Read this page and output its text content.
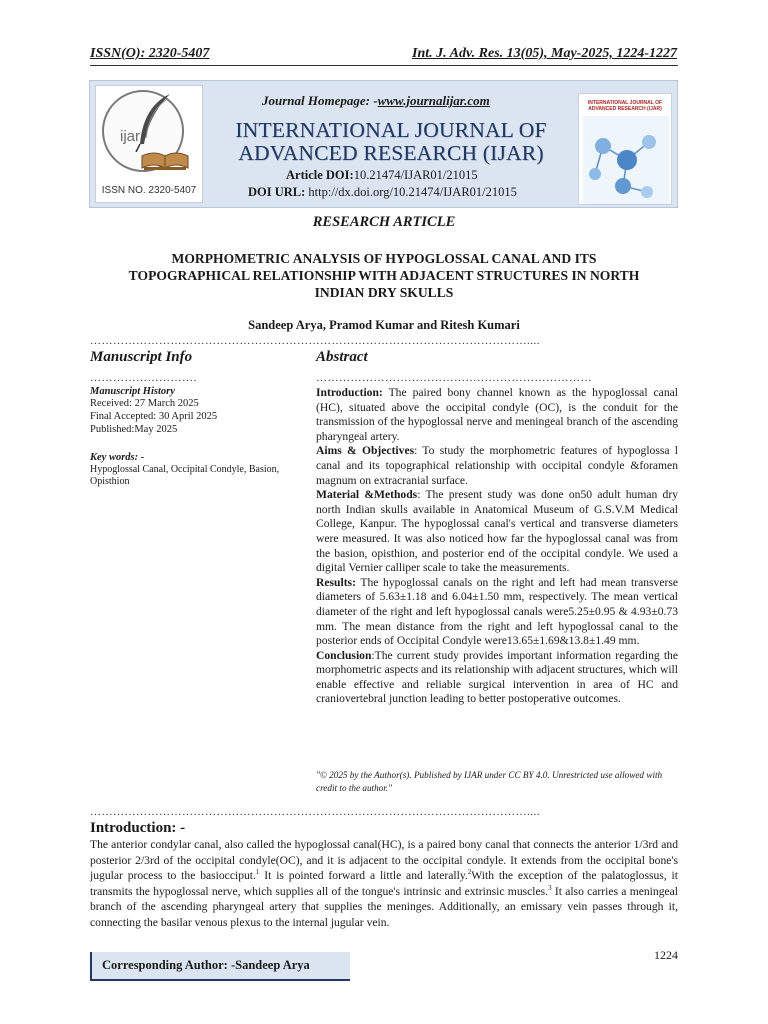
ISSN(O): 2320-5407	Int. J. Adv. Res. 13(05), May-2025, 1224-1227
ijar
ISSN NO. 2320-5407
Journal Homepage: -www.journalijar.com
INTERNATIONAL JOURNAL OF
ADVANCED RESEARCH (IJAR)
Article DOI:10.21474/IJAR01/21015
DOI URL: http://dx.doi.org/10.21474/IJAR01/21015
INTERNATIONAL JOURNAL OF ADVANCED RESEARCH (IJAR)
RESEARCH ARTICLE
MORPHOMETRIC ANALYSIS OF HYPOGLOSSAL CANAL AND ITS
TOPOGRAPHICAL RELATIONSHIP WITH ADJACENT STRUCTURES IN NORTH
INDIAN DRY SKULLS
Sandeep Arya, Pramod Kumar and Ritesh Kumari
……………………………………………………………………………………………………....
Manuscript Info
……………………….
Manuscript History
Received: 27 March 2025
Final Accepted: 30 April 2025
Published:May 2025
Key words: -
Hypoglossal Canal, Occipital Condyle, Basion, Opisthion
Abstract
………………………………………………………………

Introduction: The paired bony channel known as the hypoglossal canal (HC), situated above the occipital condyle (OC), is the conduit for the transmission of the hypoglossal nerve and meningeal branch of the ascending pharyngeal artery.

Aims & Objectives: To study the morphometric features of hypoglossa l canal and its topographical relationship with occipital condyle &foramen magnum on extracranial surface.

Material &Methods: The present study was done on50 adult human dry north Indian skulls available in Anatomical Museum of G.S.V.M Medical College, Kanpur. The hypoglossal canal's vertical and transverse diameters were measured. It was also noticed how far the hypoglossal canal was from the basion, opisthion, and posterior end of the occipital condyle. We used a digital Vernier calliper scale to take the measurements.

Results: The hypoglossal canals on the right and left had mean transverse diameters of 5.63±1.18 and 6.04±1.50 mm, respectively. The mean vertical diameter of the right and left hypoglossal canals were5.25±0.95 & 4.93±0.73 mm. The mean distance from the right and left hypoglossal canal to the posterior ends of Occipital Condyle were13.65±1.69&13.8±1.49 mm.

Conclusion:The current study provides important information regarding the morphometric aspects and its relationship with adjacent structures, which will enable effective and reliable surgical intervention in area of HC and craniovertebral junction leading to better postoperative outcomes.

"© 2025 by the Author(s). Published by IJAR under CC BY 4.0. Unrestricted use allowed with credit to the author."
……………………………………………………………………………………………………....
Introduction: -
The anterior condylar canal, also called the hypoglossal canal(HC), is a paired bony canal that connects the anterior 1/3rd and posterior 2/3rd of the occipital condyle(OC), and it is adjacent to the occipital condyle. It extends from the occipital bone's jugular process to the basiocciput.$^1$ It is pointed forward a little and laterally.$^2$With the exception of the palatoglossus, it transmits the hypoglossal nerve, which supplies all of the tongue's intrinsic and extrinsic muscles.$^3$ It also carries a meningeal branch of the ascending pharyngeal artery that supplies the meninges. Additionally, an emissary vein passes through it, connecting the basilar venous plexus to the internal jugular vein.
1224
Corresponding Author: -Sandeep Arya
